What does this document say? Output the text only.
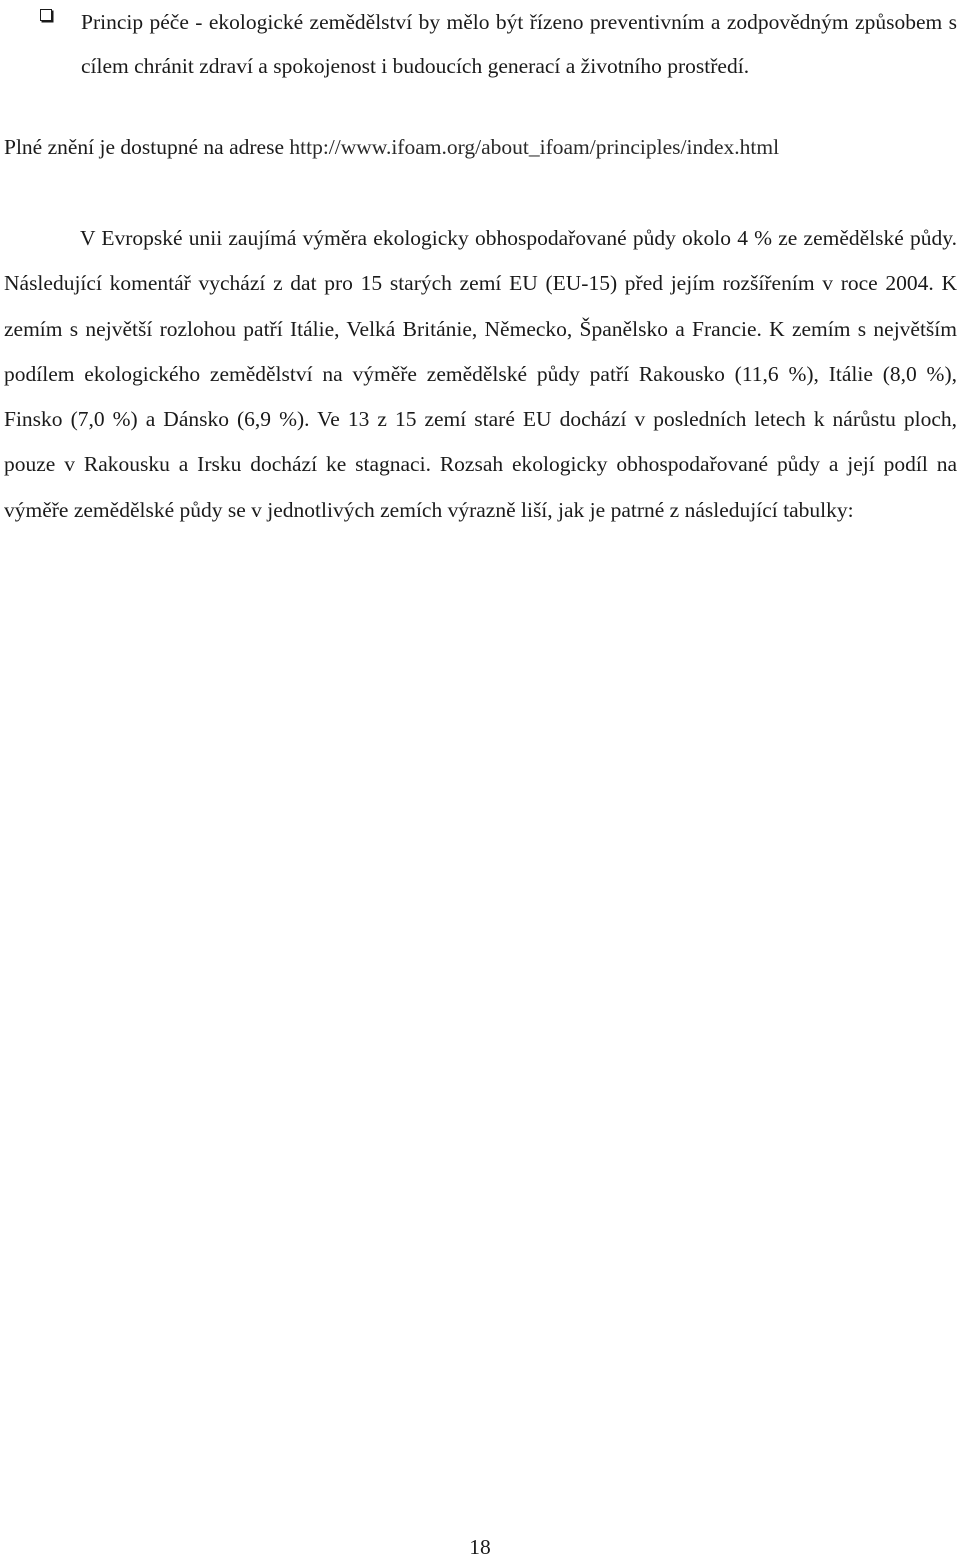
Princip péče - ekologické zemědělství by mělo být řízeno preventivním a zodpovědným způsobem s cílem chránit zdraví a spokojenost i budoucích generací a životního prostředí.
Plné znění je dostupné na adrese http://www.ifoam.org/about_ifoam/principles/index.html
V Evropské unii zaujímá výměra ekologicky obhospodařované půdy okolo 4 % ze zemědělské půdy. Následující komentář vychází z dat pro 15 starých zemí EU (EU-15) před jejím rozšířením v roce 2004. K zemím s největší rozlohou patří Itálie, Velká Británie, Německo, Španělsko a Francie. K zemím s největším podílem ekologického zemědělství na výměře zemědělské půdy patří Rakousko (11,6 %), Itálie (8,0 %), Finsko (7,0 %) a Dánsko (6,9 %). Ve 13 z 15 zemí staré EU dochází v posledních letech k nárůstu ploch, pouze v Rakousku a Irsku dochází ke stagnaci. Rozsah ekologicky obhospodařované půdy a její podíl na výměře zemědělské půdy se v jednotlivých zemích výrazně liší, jak je patrné z následující tabulky:
18
